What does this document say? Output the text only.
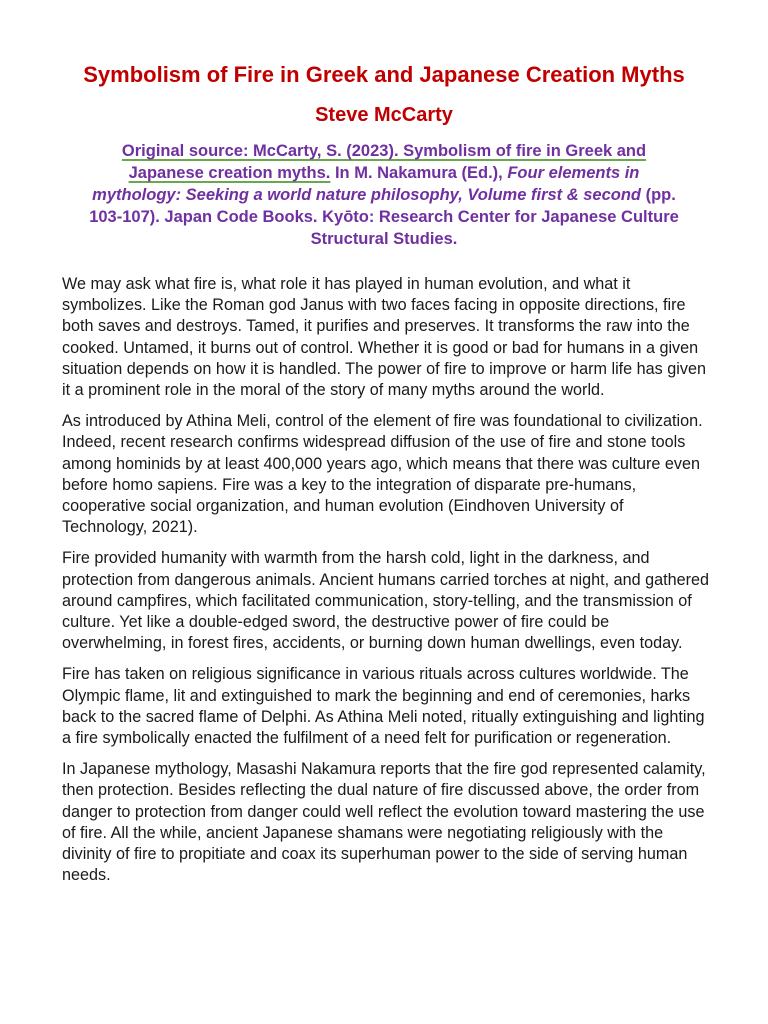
Symbolism of Fire in Greek and Japanese Creation Myths
Steve McCarty

Original source: McCarty, S. (2023). Symbolism of fire in Greek and Japanese creation myths. In M. Nakamura (Ed.), Four elements in mythology: Seeking a world nature philosophy, Volume first & second (pp. 103-107). Japan Code Books. Kyōto: Research Center for Japanese Culture Structural Studies.

We may ask what fire is, what role it has played in human evolution, and what it symbolizes. Like the Roman god Janus with two faces facing in opposite directions, fire both saves and destroys. Tamed, it purifies and preserves. It transforms the raw into the cooked. Untamed, it burns out of control. Whether it is good or bad for humans in a given situation depends on how it is handled. The power of fire to improve or harm life has given it a prominent role in the moral of the story of many myths around the world.

As introduced by Athina Meli, control of the element of fire was foundational to civilization. Indeed, recent research confirms widespread diffusion of the use of fire and stone tools among hominids by at least 400,000 years ago, which means that there was culture even before homo sapiens. Fire was a key to the integration of disparate pre-humans, cooperative social organization, and human evolution (Eindhoven University of Technology, 2021).

Fire provided humanity with warmth from the harsh cold, light in the darkness, and protection from dangerous animals. Ancient humans carried torches at night, and gathered around campfires, which facilitated communication, story-telling, and the transmission of culture. Yet like a double-edged sword, the destructive power of fire could be overwhelming, in forest fires, accidents, or burning down human dwellings, even today.

Fire has taken on religious significance in various rituals across cultures worldwide. The Olympic flame, lit and extinguished to mark the beginning and end of ceremonies, harks back to the sacred flame of Delphi. As Athina Meli noted, ritually extinguishing and lighting a fire symbolically enacted the fulfilment of a need felt for purification or regeneration.

In Japanese mythology, Masashi Nakamura reports that the fire god represented calamity, then protection. Besides reflecting the dual nature of fire discussed above, the order from danger to protection from danger could well reflect the evolution toward mastering the use of fire. All the while, ancient Japanese shamans were negotiating religiously with the divinity of fire to propitiate and coax its superhuman power to the side of serving human needs.
